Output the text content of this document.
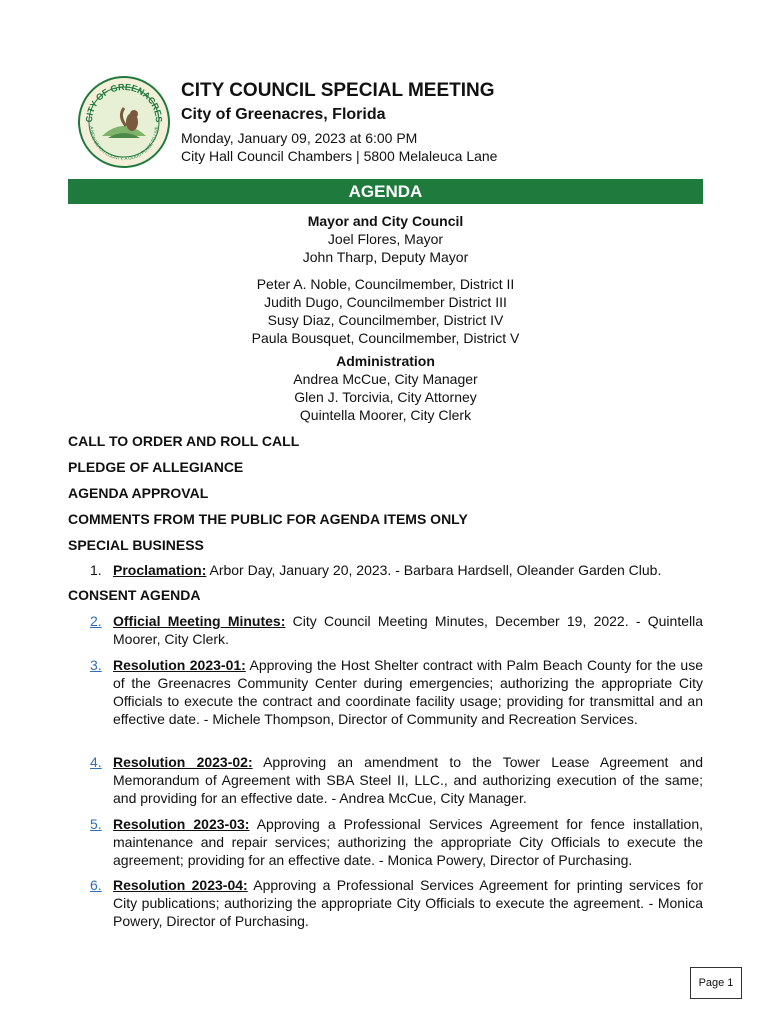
CITY OF GREENACRES
A NEW BEACH COUNTY, A GOOD PLACE TO LIVE

CITY COUNCIL SPECIAL MEETING

City of Greenacres, Florida

Monday, January 09, 2023 at 6:00 PM

City Hall Council Chambers | 5800 Melaleuca Lane

AGENDA
Mayor and City Council
Joel Flores, Mayor
John Tharp, Deputy Mayor
Peter A. Noble, Councilmember, District II
Judith Dugo, Councilmember District III
Susy Diaz, Councilmember, District IV
Paula Bousquet, Councilmember, District V
Administration
Andrea McCue, City Manager
Glen J. Torcivia, City Attorney
Quintella Moorer, City Clerk
CALL TO ORDER AND ROLL CALL
PLEDGE OF ALLEGIANCE
AGENDA APPROVAL
COMMENTS FROM THE PUBLIC FOR AGENDA ITEMS ONLY
SPECIAL BUSINESS
1. Proclamation: Arbor Day, January 20, 2023. - Barbara Hardsell, Oleander Garden Club.
CONSENT AGENDA
2. Official Meeting Minutes: City Council Meeting Minutes, December 19, 2022. - Quintella Moorer, City Clerk.
3. Resolution 2023-01: Approving the Host Shelter contract with Palm Beach County for the use of the Greenacres Community Center during emergencies; authorizing the appropriate City Officials to execute the contract and coordinate facility usage; providing for transmittal and an effective date. - Michele Thompson, Director of Community and Recreation Services.
4. Resolution 2023-02: Approving an amendment to the Tower Lease Agreement and Memorandum of Agreement with SBA Steel II, LLC., and authorizing execution of the same; and providing for an effective date. - Andrea McCue, City Manager.
5. Resolution 2023-03: Approving a Professional Services Agreement for fence installation, maintenance and repair services; authorizing the appropriate City Officials to execute the agreement; providing for an effective date. - Monica Powery, Director of Purchasing.
6. Resolution 2023-04: Approving a Professional Services Agreement for printing services for City publications; authorizing the appropriate City Officials to execute the agreement. - Monica Powery, Director of Purchasing.
Page 1
